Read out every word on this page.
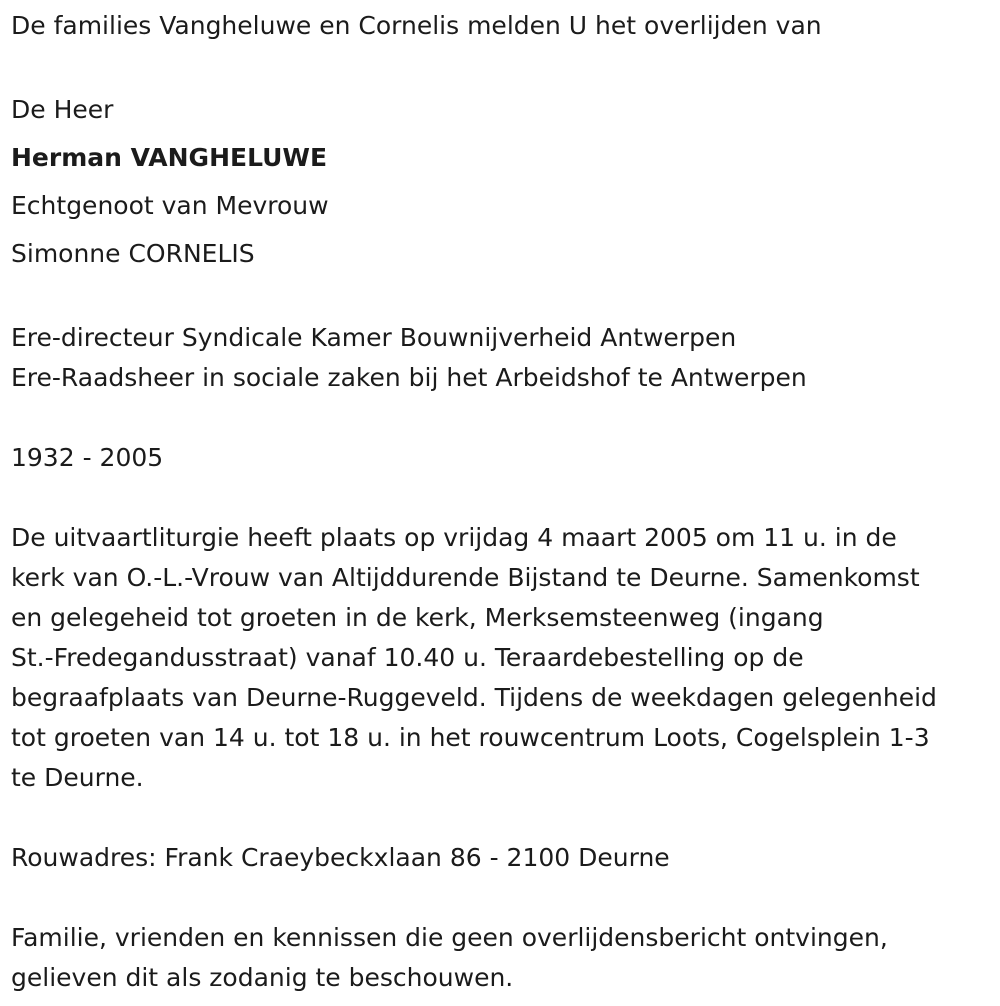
De families Vangheluwe en Cornelis melden U het overlijden van
De Heer
Herman VANGHELUWE
Echtgenoot van Mevrouw
Simonne CORNELIS
Ere-directeur Syndicale Kamer Bouwnijverheid Antwerpen
Ere-Raadsheer in sociale zaken bij het Arbeidshof te Antwerpen
1932 - 2005
De uitvaartliturgie heeft plaats op vrijdag 4 maart 2005 om 11 u. in de
kerk van O.-L.-Vrouw van Altijddurende Bijstand te Deurne. Samenkomst
en gelegeheid tot groeten in de kerk, Merksemsteenweg (ingang
St.-Fredegandusstraat) vanaf 10.40 u. Teraardebestelling op de
begraafplaats van Deurne-Ruggeveld. Tijdens de weekdagen gelegenheid
tot groeten van 14 u. tot 18 u. in het rouwcentrum Loots, Cogelsplein 1-3
te Deurne.
Rouwadres: Frank Craeybeckxlaan 86 - 2100 Deurne
Familie, vrienden en kennissen die geen overlijdensbericht ontvingen,
gelieven dit als zodanig te beschouwen.
